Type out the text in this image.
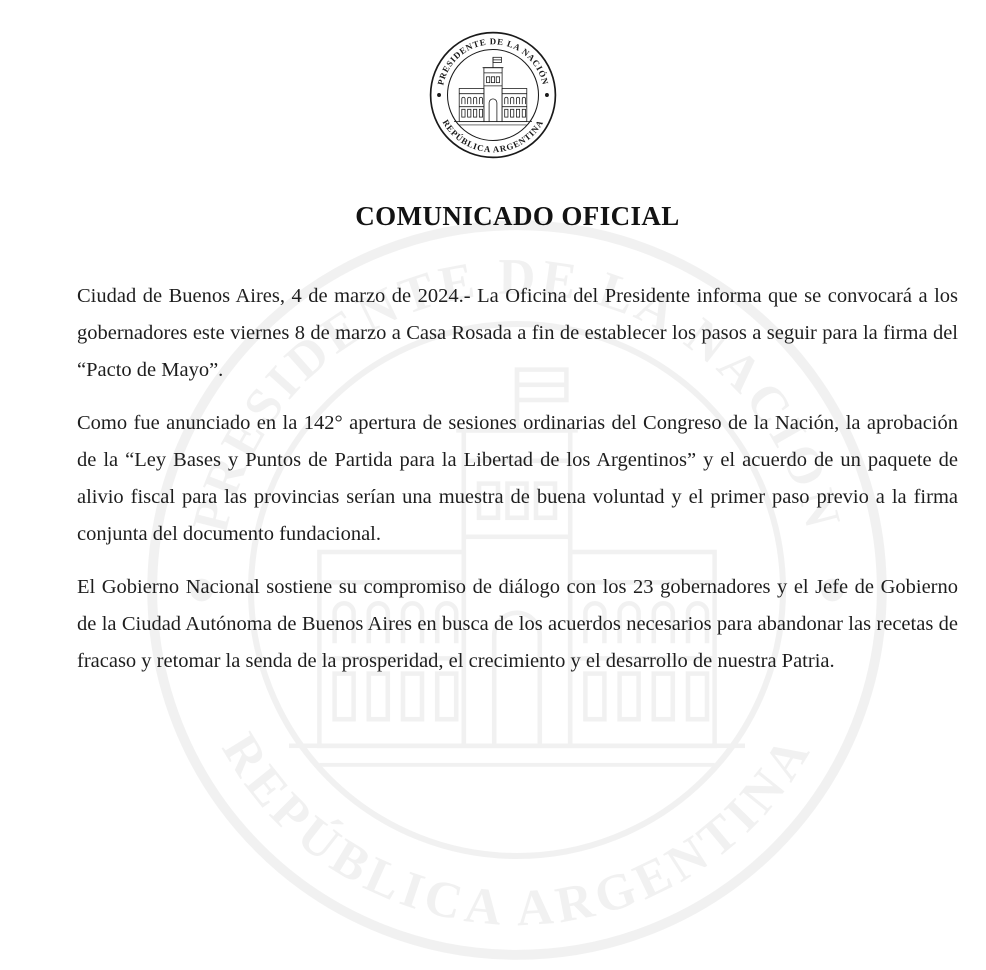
COMUNICADO OFICIAL

Ciudad de Buenos Aires, 4 de marzo de 2024.- La Oficina del Presidente informa que se convocará a los gobernadores este viernes 8 de marzo a Casa Rosada a fin de establecer los pasos a seguir para la firma del “Pacto de Mayo”.

Como fue anunciado en la 142° apertura de sesiones ordinarias del Congreso de la Nación, la aprobación de la “Ley Bases y Puntos de Partida para la Libertad de los Argentinos” y el acuerdo de un paquete de alivio fiscal para las provincias serían una muestra de buena voluntad y el primer paso previo a la firma conjunta del documento fundacional.

El Gobierno Nacional sostiene su compromiso de diálogo con los 23 gobernadores y el Jefe de Gobierno de la Ciudad Autónoma de Buenos Aires en busca de los acuerdos necesarios para abandonar las recetas de fracaso y retomar la senda de la prosperidad, el crecimiento y el desarrollo de nuestra Patria.
